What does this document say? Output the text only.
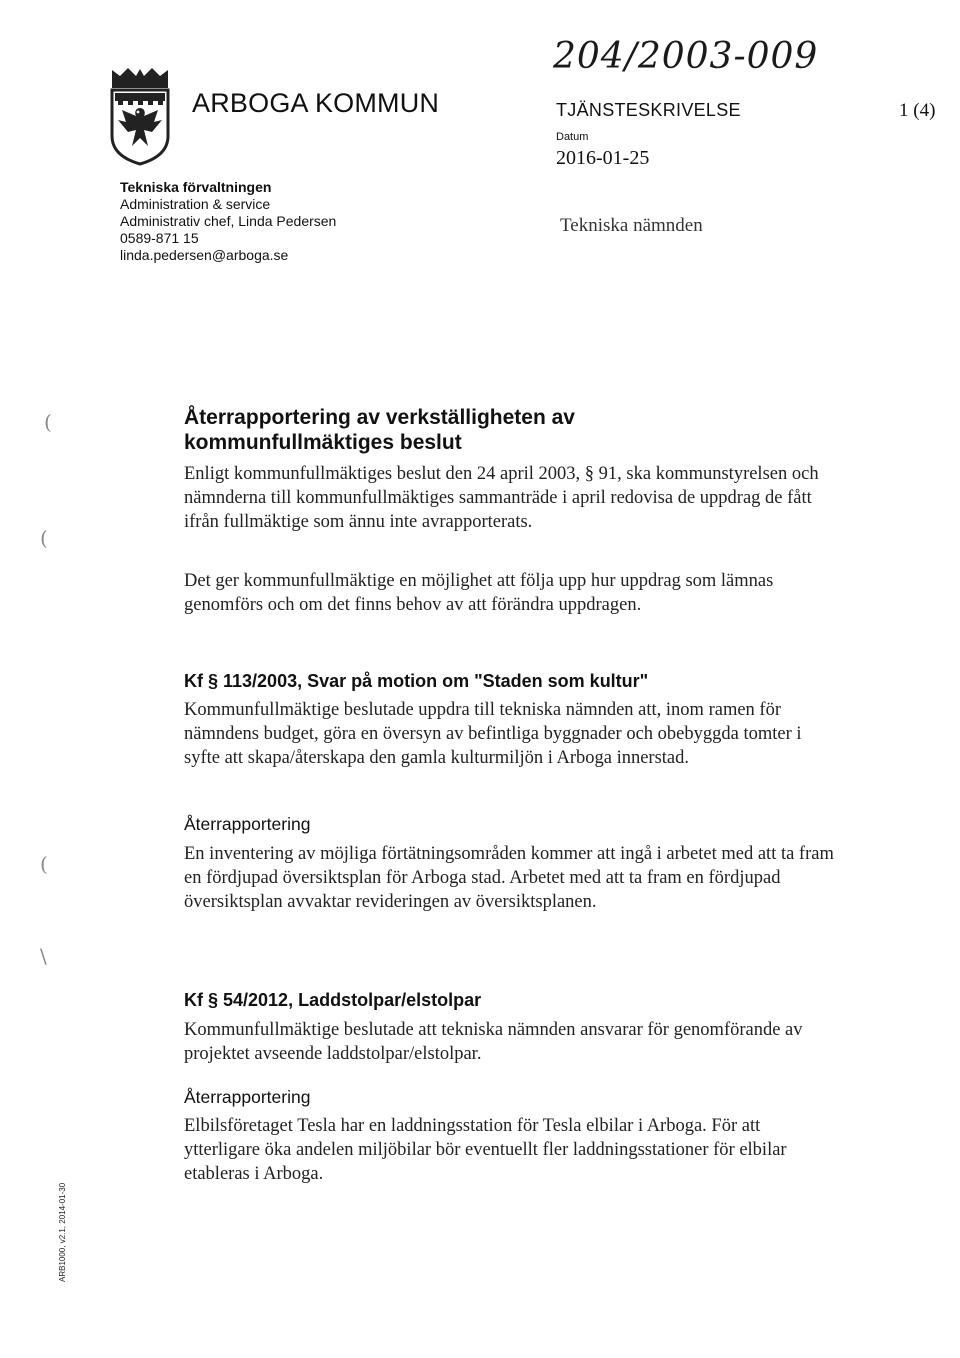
ARBOGA KOMMUN
204/2003-009
TJÄNSTESKRIVELSE	1 (4)
Datum
2016-01-25
Tekniska nämnden
Tekniska förvaltningen
Administration & service
Administrativ chef, Linda Pedersen
0589-871 15
linda.pedersen@arboga.se
(
(
(
\
Återrapportering av verkställigheten av kommunfullmäktiges beslut

Enligt kommunfullmäktiges beslut den 24 april 2003, § 91, ska kommunstyrelsen och nämnderna till kommunfullmäktiges sammanträde i april redovisa de uppdrag de fått ifrån fullmäktige som ännu inte avrapporterats.

Det ger kommunfullmäktige en möjlighet att följa upp hur uppdrag som lämnas genomförs och om det finns behov av att förändra uppdragen.

Kf § 113/2003, Svar på motion om "Staden som kultur"

Kommunfullmäktige beslutade uppdra till tekniska nämnden att, inom ramen för nämndens budget, göra en översyn av befintliga byggnader och obebyggda tomter i syfte att skapa/återskapa den gamla kulturmiljön i Arboga innerstad.

Återrapportering

En inventering av möjliga förtätningsområden kommer att ingå i arbetet med att ta fram en fördjupad översiktsplan för Arboga stad. Arbetet med att ta fram en fördjupad översiktsplan avvaktar revideringen av översiktsplanen.

Kf § 54/2012, Laddstolpar/elstolpar

Kommunfullmäktige beslutade att tekniska nämnden ansvarar för genomförande av projektet avseende laddstolpar/elstolpar.

Återrapportering

Elbilsföretaget Tesla har en laddningsstation för Tesla elbilar i Arboga. För att ytterligare öka andelen miljöbilar bör eventuellt fler laddningsstationer för elbilar etableras i Arboga.

ARB1000, v2.1, 2014-01-30
